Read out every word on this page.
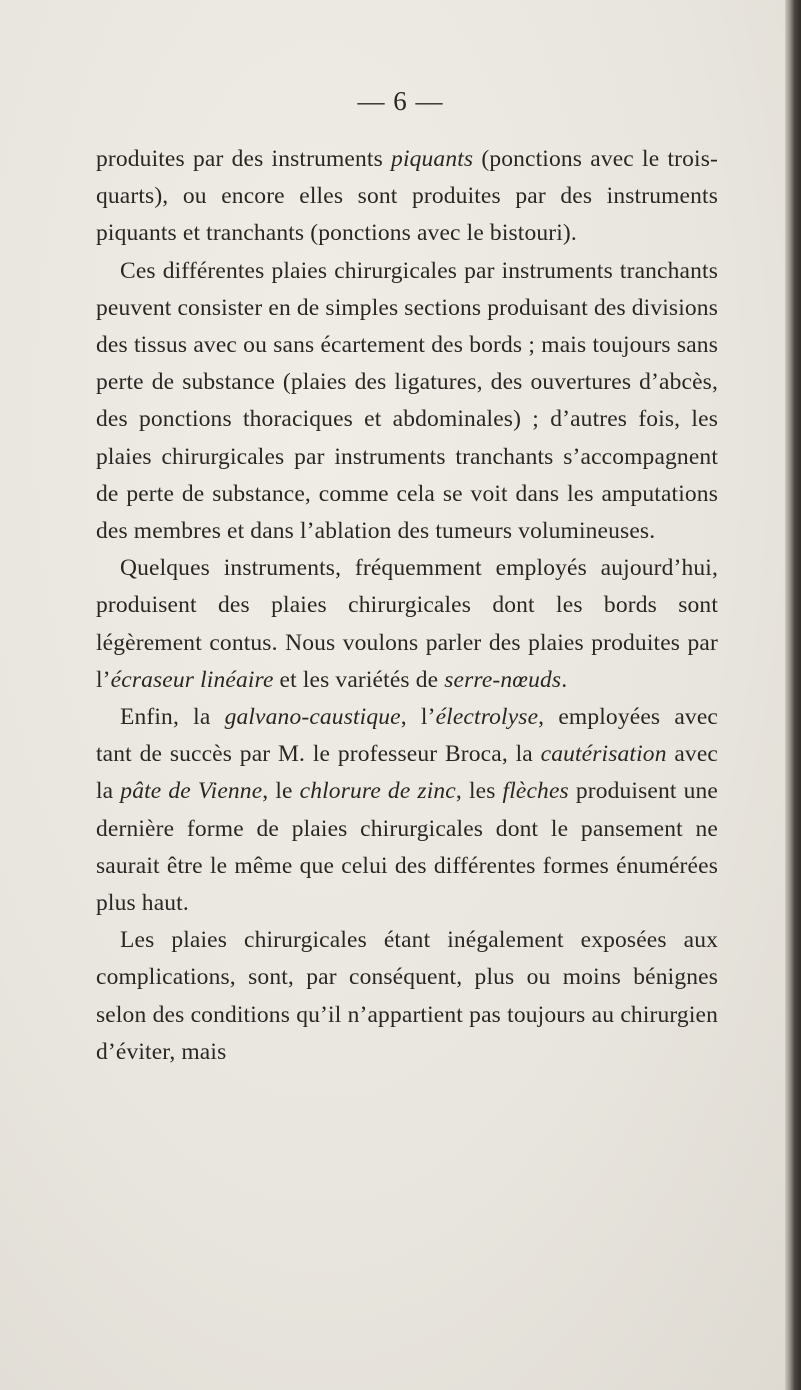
— 6 —

produites par des instruments piquants (ponctions avec le trois-quarts), ou encore elles sont produites par des instruments piquants et tranchants (ponctions avec le bistouri).

Ces différentes plaies chirurgicales par instruments tranchants peuvent consister en de simples sections produisant des divisions des tissus avec ou sans écartement des bords ; mais toujours sans perte de substance (plaies des ligatures, des ouvertures d’abcès, des ponctions thoraciques et abdominales) ; d’autres fois, les plaies chirurgicales par instruments tranchants s’accompagnent de perte de substance, comme cela se voit dans les amputations des membres et dans l’ablation des tumeurs volumineuses.

Quelques instruments, fréquemment employés aujourd’hui, produisent des plaies chirurgicales dont les bords sont légèrement contus. Nous voulons parler des plaies produites par l’écraseur linéaire et les variétés de serre-nœuds.

Enfin, la galvano-caustique, l’électrolyse, employées avec tant de succès par M. le professeur Broca, la cautérisation avec la pâte de Vienne, le chlorure de zinc, les flèches produisent une dernière forme de plaies chirurgicales dont le pansement ne saurait être le même que celui des différentes formes énumérées plus haut.

Les plaies chirurgicales étant inégalement exposées aux complications, sont, par conséquent, plus ou moins bénignes selon des conditions qu’il n’appartient pas toujours au chirurgien d’éviter, mais
